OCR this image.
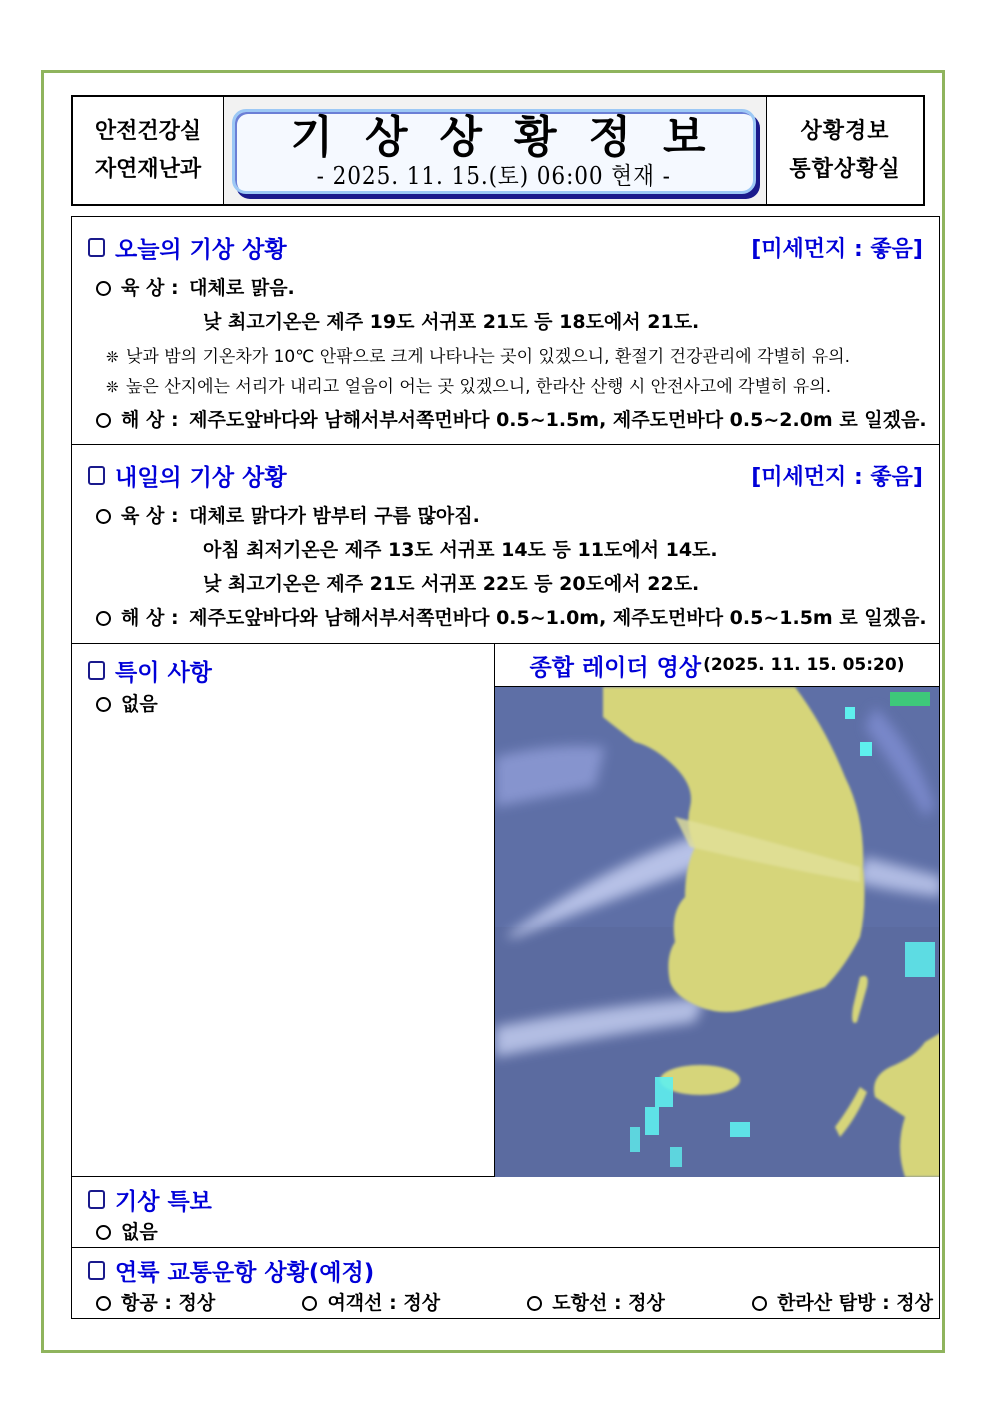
안전건강실
자연재난과
기상상황정보
- 2025. 11. 15.(토) 06:00 현재 -
상황경보
통합상황실
오늘의 기상 상황	[미세먼지 : 좋음]
육 상 : 대체로 맑음.
낮 최고기온은 제주 19도 서귀포 21도 등 18도에서 21도.
❊ 낮과 밤의 기온차가 10℃ 안팎으로 크게 나타나는 곳이 있겠으니, 환절기 건강관리에 각별히 유의.
❊ 높은 산지에는 서리가 내리고 얼음이 어는 곳 있겠으니, 한라산 산행 시 안전사고에 각별히 유의.
해 상 : 제주도앞바다와 남해서부서쪽먼바다 0.5~1.5m, 제주도먼바다 0.5~2.0m 로 일겠음.
내일의 기상 상황	[미세먼지 : 좋음]
육 상 : 대체로 맑다가 밤부터 구름 많아짐.
아침 최저기온은 제주 13도 서귀포 14도 등 11도에서 14도.
낮 최고기온은 제주 21도 서귀포 22도 등 20도에서 22도.
해 상 : 제주도앞바다와 남해서부서쪽먼바다 0.5~1.0m, 제주도먼바다 0.5~1.5m 로 일겠음.
특이 사항
없음
종합 레이더 영상 (2025. 11. 15. 05:20)
기상 특보
없음
연륙 교통운항 상황(예정)
항공 : 정상	여객선 : 정상	도항선 : 정상	한라산 탐방 : 정상
